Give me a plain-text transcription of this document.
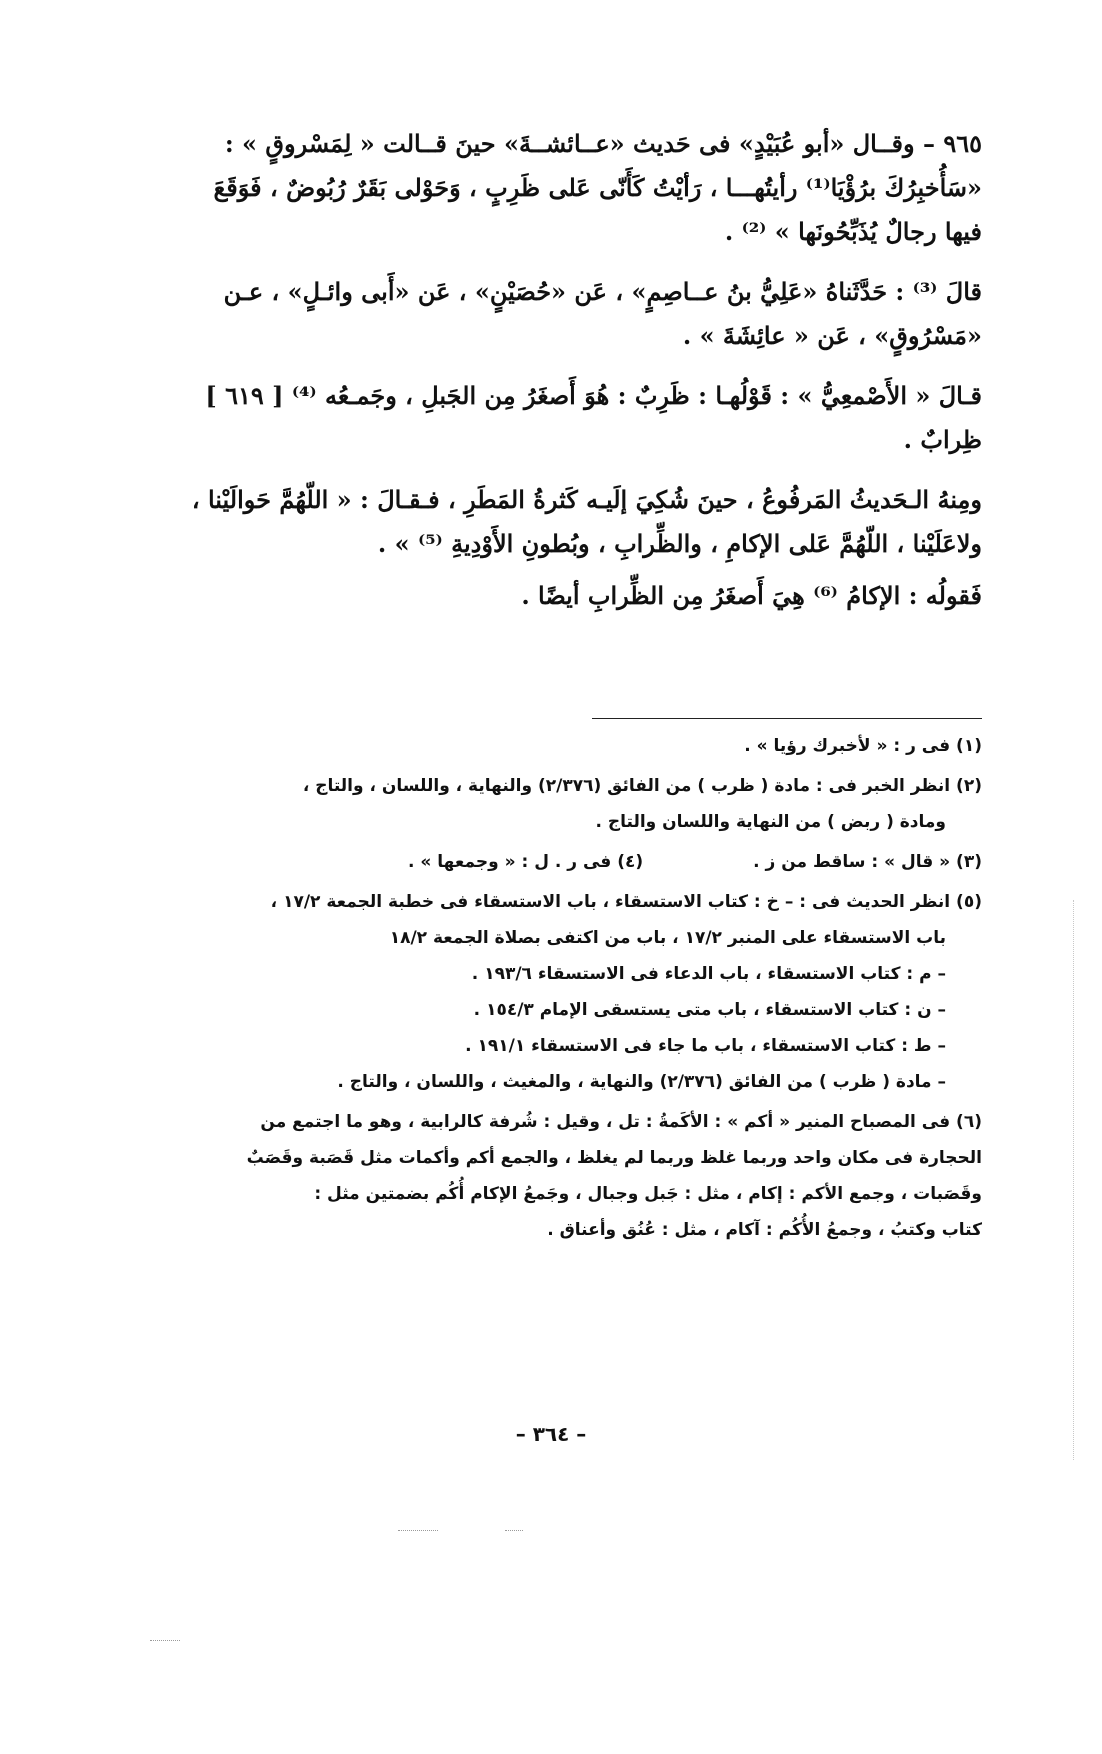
٩٦٥ – وقــال «أبو عُبَيْدٍ» فى حَديث «عــائشــةَ» حينَ قــالت « لِمَسْروقٍ » :
«سَأُخبِرُكَ برُؤْيَا⁽¹⁾ رأيتُهـــا ، رَأيْتُ كَأَنّى عَلى ظَرِبٍ ، وَحَوْلى بَقَرٌ رُبُوضٌ ، فَوَقَعَ
فيها رجالٌ يُذَبِّحُونَها » ⁽²⁾ .

قالَ ⁽³⁾ : حَدَّثَناهُ «عَلِيُّ بنُ عــاصِمٍ» ، عَن «حُصَيْنٍ» ، عَن «أَبى وائـلٍ» ، عـن
«مَسْرُوقٍ» ، عَن « عائِشَةَ » .

قـالَ « الأَصْمعِيُّ » : قَوْلُهـا : ظَرِبٌ : هُوَ أَصغَرُ مِن الجَبلِ ، وجَمـعُه ⁽⁴⁾ [ ٦١٩ ]
ظِرابٌ .

ومِنهُ الـحَديثُ المَرفُوعُ ، حينَ شُكِيَ إلَيـه كَثرةُ المَطَرِ ، فـقـالَ : « اللّهُمَّ حَوالَيْنا ،
ولاعَلَيْنا ، اللّهُمَّ عَلى الإكامِ ، والظِّرابِ ، وبُطونِ الأَوْدِيةِ ⁽⁵⁾ » .

فَقولُه : الإكامُ ⁽⁶⁾ هِيَ أَصغَرُ مِن الظِّرابِ أيضًا .

(١) فى ر : « لأخبرك رؤيا » .
(٢) انظر الخبر فى : مادة ( ظرب ) من الفائق (٢/٣٧٦) والنهاية ، واللسان ، والتاج ،
ومادة ( ربض ) من النهاية واللسان والتاج .
(٣) « قال » : ساقط من ز .
(٤) فى ر . ل : « وجمعها » .
(٥) انظر الحديث فى : – خ : كتاب الاستسقاء ، باب الاستسقاء فى خطبة الجمعة ١٧/٢ ،
باب الاستسقاء على المنبر ١٧/٢ ، باب من اكتفى بصلاة الجمعة ١٨/٢
– م : كتاب الاستسقاء ، باب الدعاء فى الاستسقاء ١٩٣/٦ .
– ن : كتاب الاستسقاء ، باب متى يستسقى الإمام ١٥٤/٣ .
– ط : كتاب الاستسقاء ، باب ما جاء فى الاستسقاء ١٩١/١ .
– مادة ( ظرب ) من الفائق (٢/٣٧٦) والنهاية ، والمغيث ، واللسان ، والتاج .
(٦) فى المصباح المنير « أكم » : الأكَمةُ : تل ، وقيل : شُرفة كالرابية ، وهو ما اجتمع من
الحجارة فى مكان واحد وربما غلظ وربما لم يغلظ ، والجمع أكم وأكمات مثل قَصَبة وقَصَبٌ
وقَصَبات ، وجمع الأكم : إكام ، مثل : جَبل وجبال ، وجَمعُ الإكام أُكُم بضمتين مثل :
كتاب وكتبُ ، وجمعُ الأُكُم : آكام ، مثل : عُنُق وأعناق .
– ٣٦٤ –
